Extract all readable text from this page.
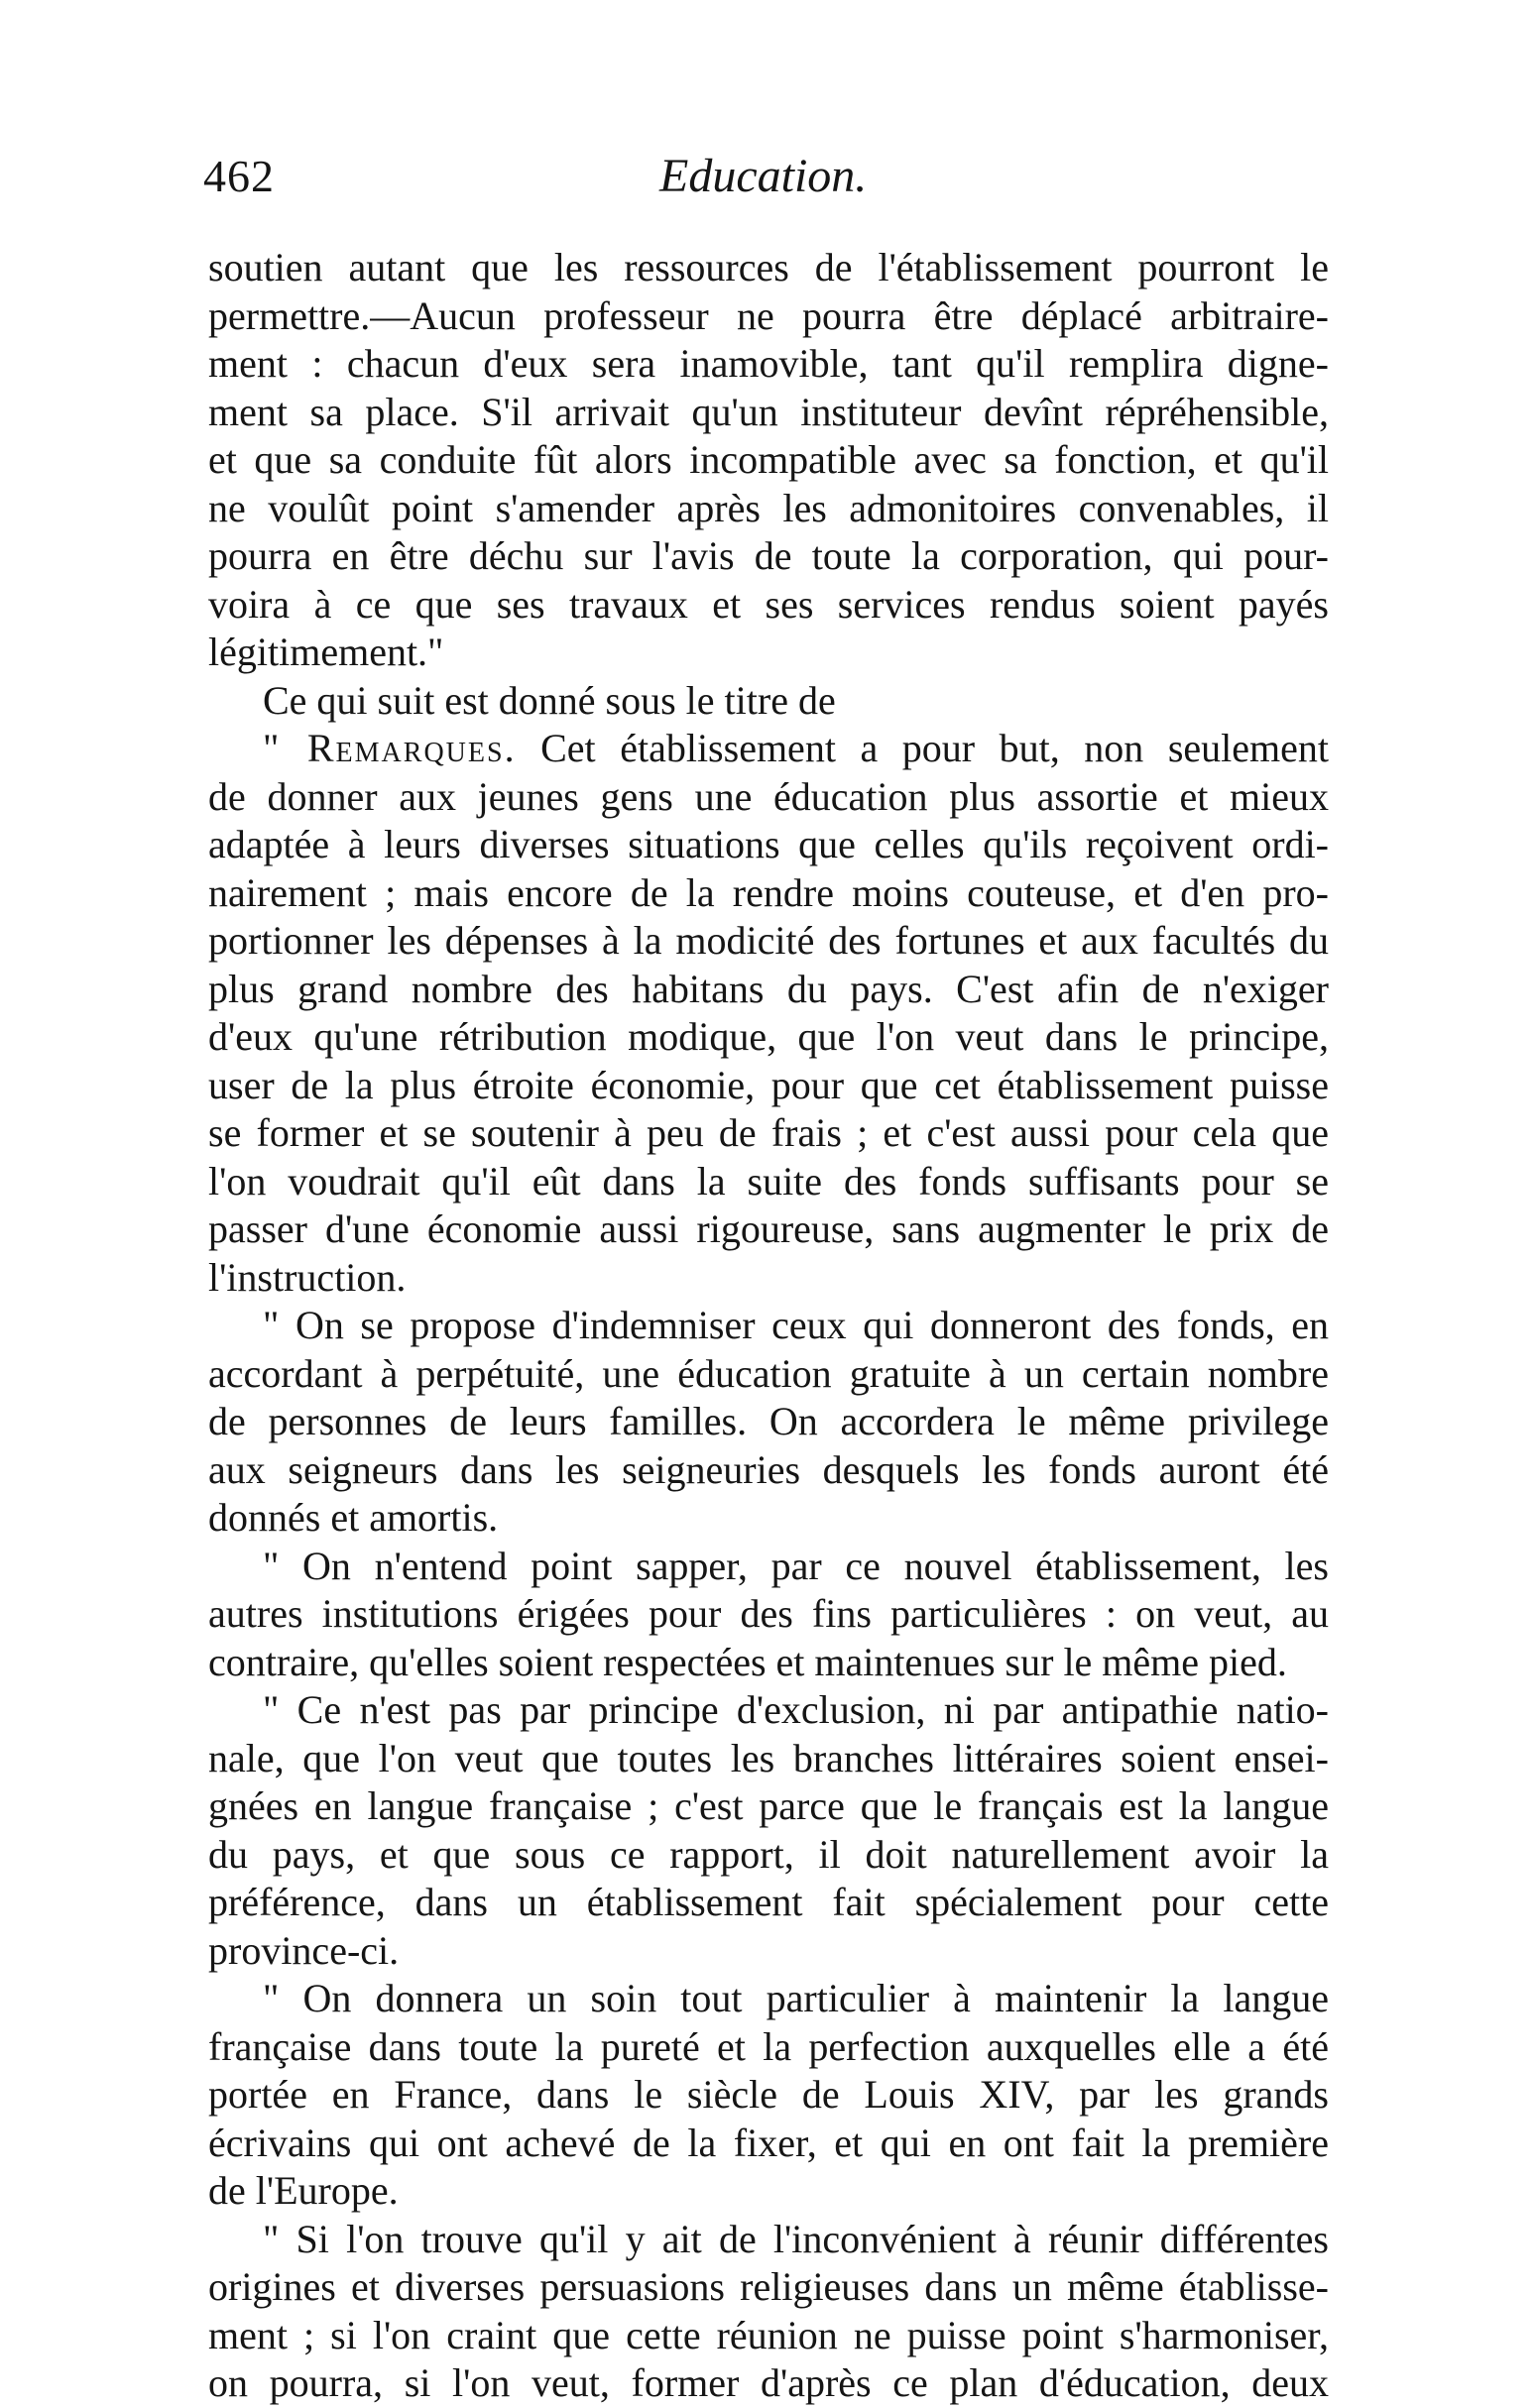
462	Education.

soutien autant que les ressources de l'établissement pourront le
permettre.—Aucun professeur ne pourra être déplacé arbitraire-
ment : chacun d'eux sera inamovible, tant qu'il remplira digne-
ment sa place. S'il arrivait qu'un instituteur devînt répréhensible,
et que sa conduite fût alors incompatible avec sa fonction, et qu'il
ne voulût point s'amender après les admonitoires convenables, il
pourra en être déchu sur l'avis de toute la corporation, qui pour-
voira à ce que ses travaux et ses services rendus soient payés
légitimement."

Ce qui suit est donné sous le titre de

" Remarques. Cet établissement a pour but, non seulement
de donner aux jeunes gens une éducation plus assortie et mieux
adaptée à leurs diverses situations que celles qu'ils reçoivent ordi-
nairement ; mais encore de la rendre moins couteuse, et d'en pro-
portionner les dépenses à la modicité des fortunes et aux facultés du
plus grand nombre des habitans du pays. C'est afin de n'exiger
d'eux qu'une rétribution modique, que l'on veut dans le principe,
user de la plus étroite économie, pour que cet établissement puisse
se former et se soutenir à peu de frais ; et c'est aussi pour cela que
l'on voudrait qu'il eût dans la suite des fonds suffisants pour se
passer d'une économie aussi rigoureuse, sans augmenter le prix de
l'instruction.

" On se propose d'indemniser ceux qui donneront des fonds, en
accordant à perpétuité, une éducation gratuite à un certain nombre
de personnes de leurs familles. On accordera le même privilege
aux seigneurs dans les seigneuries desquels les fonds auront été
donnés et amortis.

" On n'entend point sapper, par ce nouvel établissement, les
autres institutions érigées pour des fins particulières : on veut, au
contraire, qu'elles soient respectées et maintenues sur le même pied.

" Ce n'est pas par principe d'exclusion, ni par antipathie natio-
nale, que l'on veut que toutes les branches littéraires soient ensei-
gnées en langue française ; c'est parce que le français est la langue
du pays, et que sous ce rapport, il doit naturellement avoir la
préférence, dans un établissement fait spécialement pour cette
province-ci.

" On donnera un soin tout particulier à maintenir la langue
française dans toute la pureté et la perfection auxquelles elle a été
portée en France, dans le siècle de Louis XIV, par les grands
écrivains qui ont achevé de la fixer, et qui en ont fait la première
de l'Europe.

" Si l'on trouve qu'il y ait de l'inconvénient à réunir différentes
origines et diverses persuasions religieuses dans un même établisse-
ment ; si l'on craint que cette réunion ne puisse point s'harmoniser,
on pourra, si l'on veut, former d'après ce plan d'éducation, deux
